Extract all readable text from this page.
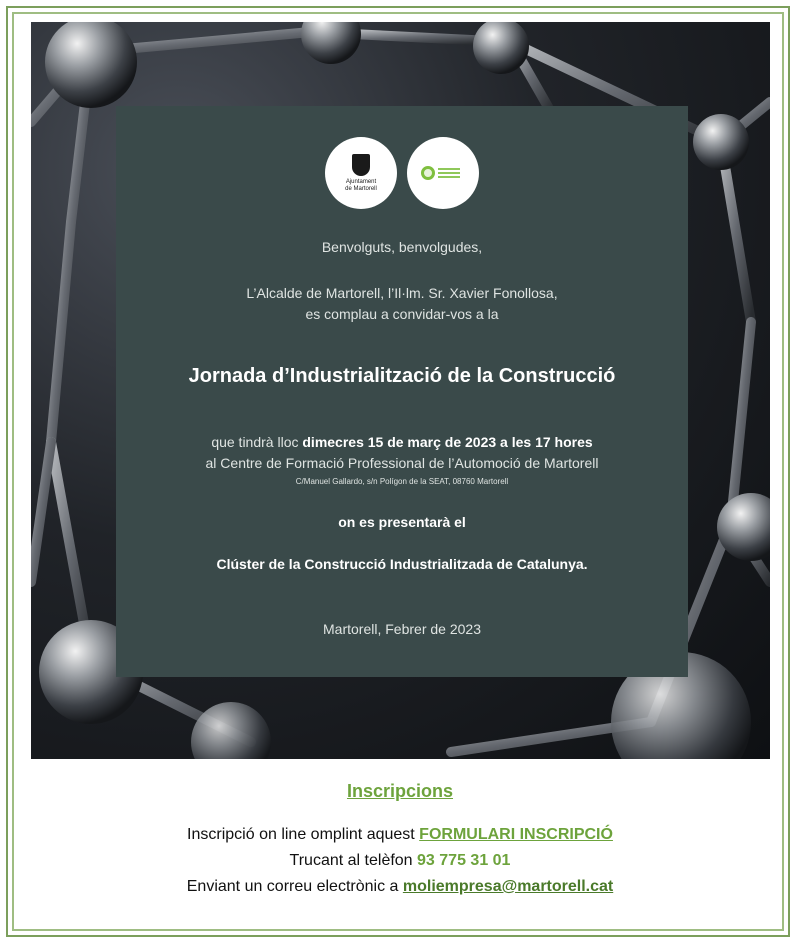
Ajuntament
de Martorell
Benvolguts, benvolgudes,
L’Alcalde de Martorell, l’Il·lm. Sr. Xavier Fonollosa,
es complau a convidar-vos a la
Jornada d’Industrialització de la Construcció
que tindrà lloc dimecres 15 de març de 2023 a les 17 hores
al Centre de Formació Professional de l’Automoció de Martorell
C/Manuel Gallardo, s/n Polígon de la SEAT, 08760 Martorell
on es presentarà el
Clúster de la Construcció Industrialitzada de Catalunya.
Martorell, Febrer de 2023
Inscripcions
Inscripció on line omplint aquest FORMULARI INSCRIPCIÓ
Trucant al telèfon 93 775 31 01
Enviant un correu electrònic a moliempresa@martorell.cat
